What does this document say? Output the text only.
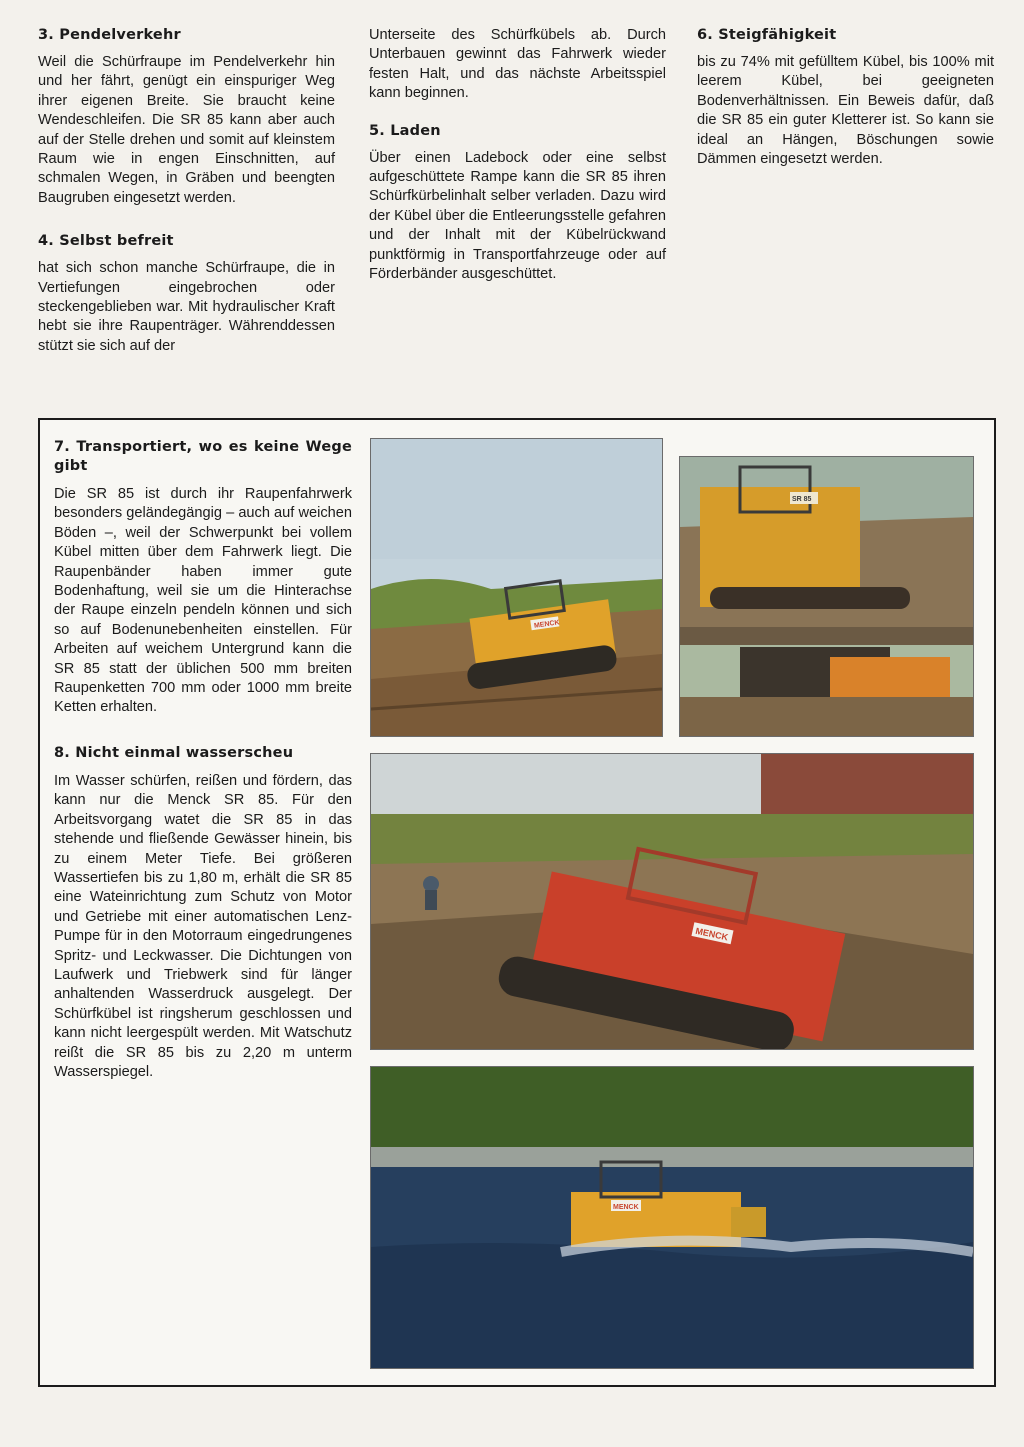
3. Pendelverkehr

Weil die Schürfraupe im Pendelverkehr hin und her fährt, genügt ein einspuriger Weg ihrer eigenen Breite. Sie braucht keine Wendeschleifen. Die SR 85 kann aber auch auf der Stelle drehen und somit auf kleinstem Raum wie in engen Einschnitten, auf schmalen Wegen, in Gräben und beengten Baugruben eingesetzt werden.

4. Selbst befreit

hat sich schon manche Schürfraupe, die in Vertiefungen eingebrochen oder steckengeblieben war. Mit hydraulischer Kraft hebt sie ihre Raupenträger. Währenddessen stützt sie sich auf der

Unterseite des Schürfkübels ab. Durch Unterbauen gewinnt das Fahrwerk wieder festen Halt, und das nächste Arbeitsspiel kann beginnen.

5. Laden

Über einen Ladebock oder eine selbst aufgeschüttete Rampe kann die SR 85 ihren Schürfkürbelinhalt selber verladen. Dazu wird der Kübel über die Entleerungsstelle gefahren und der Inhalt mit der Kübelrückwand punktförmig in Transportfahrzeuge oder auf Förderbänder ausgeschüttet.

6. Steigfähigkeit

bis zu 74% mit gefülltem Kübel, bis 100% mit leerem Kübel, bei geeigneten Bodenverhältnissen. Ein Beweis dafür, daß die SR 85 ein guter Kletterer ist. So kann sie ideal an Hängen, Böschungen sowie Dämmen eingesetzt werden.

7. Transportiert, wo es keine Wege gibt

Die SR 85 ist durch ihr Raupenfahrwerk besonders geländegängig – auch auf weichen Böden –, weil der Schwerpunkt bei vollem Kübel mitten über dem Fahrwerk liegt. Die Raupenbänder haben immer gute Bodenhaftung, weil sie um die Hinterachse der Raupe einzeln pendeln können und sich so auf Bodenunebenheiten einstellen. Für Arbeiten auf weichem Untergrund kann die SR 85 statt der üblichen 500 mm breiten Raupenketten 700 mm oder 1000 mm breite Ketten erhalten.

8. Nicht einmal wasserscheu

Im Wasser schürfen, reißen und fördern, das kann nur die Menck SR 85. Für den Arbeitsvorgang watet die SR 85 in das stehende und fließende Gewässer hinein, bis zu einem Meter Tiefe. Bei größeren Wassertiefen bis zu 1,80 m, erhält die SR 85 eine Wateinrichtung zum Schutz von Motor und Getriebe mit einer automatischen Lenz-Pumpe für in den Motorraum eingedrungenes Spritz- und Leckwasser. Die Dichtungen von Laufwerk und Triebwerk sind für länger anhaltenden Wasserdruck ausgelegt. Der Schürfkübel ist ringsherum geschlossen und kann nicht leergespült werden. Mit Watschutz reißt die SR 85 bis zu 2,20 m unterm Wasserspiegel.

MENCK
SR 85
MENCK
MENCK
